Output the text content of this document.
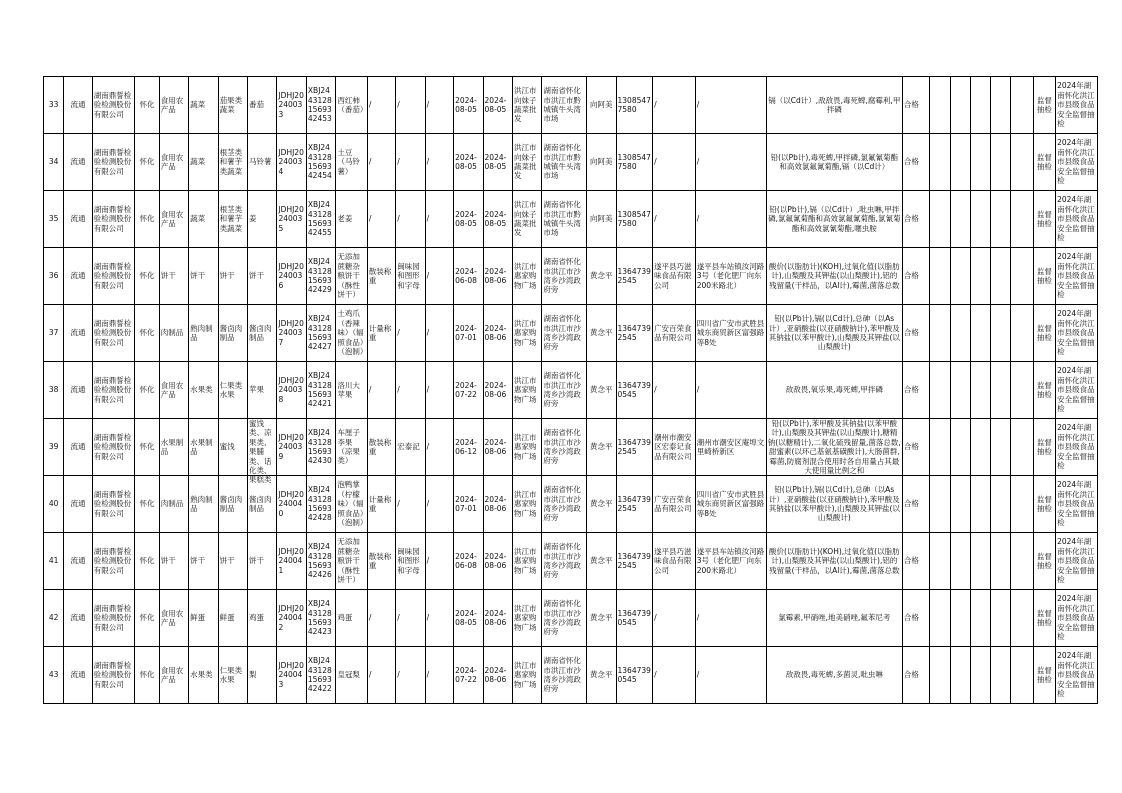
33	流通	湖南鼎誓检验检测股份有限公司	怀化	食用农产品	蔬菜	茄果类蔬菜	番茄	JDHJ20240033	XBJ24431281569342453	西红柿（番茄）	/	/	/	2024-08-05	2024-08-05	洪江市向妹子蔬菜批发	湖南省怀化市洪江市黔城镇牛头湾市场	向阿美	13085477580	/	/	镉（以Cd计）,敌敌畏,毒死蜱,腐霉利,甲拌磷	合格						监督抽检	2024年湖南怀化洪江市县级食品安全监督抽检

34	流通	湖南鼎誓检验检测股份有限公司	怀化	食用农产品	蔬菜	根茎类和薯芋类蔬菜	马铃薯	JDHJ20240034	XBJ24431281569342454	土豆（马铃薯）	/	/	/	2024-08-05	2024-08-05	洪江市向妹子蔬菜批发	湖南省怀化市洪江市黔城镇牛头湾市场	向阿美	13085477580	/	/	铅(以Pb计),毒死蜱,甲拌磷,氯氟氰菊酯和高效氯氟氰菊酯,镉（以Cd计）	合格						监督抽检	2024年湖南怀化洪江市县级食品安全监督抽检

35	流通	湖南鼎誓检验检测股份有限公司	怀化	食用农产品	蔬菜	根茎类和薯芋类蔬菜	姜	JDHJ20240035	XBJ24431281569342455	老姜	/	/	/	2024-08-05	2024-08-05	洪江市向妹子蔬菜批发	湖南省怀化市洪江市黔城镇牛头湾市场	向阿美	13085477580	/	/	铅(以Pb计),镉（以Cd计）,吡虫啉,甲拌磷,氯氟氰菊酯和高效氯氟氰菊酯,氯氰菊酯和高效氯氰菊酯,噻虫胺	合格						监督抽检	2024年湖南怀化洪江市县级食品安全监督抽检

36	流通	湖南鼎誓检验检测股份有限公司	怀化	饼干	饼干	饼干	饼干	JDHJ20240036	XBJ24431281569342429	无添加蔗糖杂粮饼干（酥性饼干）	散装称重	闽味园和图形和字母	/	2024-06-08	2024-08-06	洪江市惠家购物广场	湖南省怀化市洪江市沙湾乡沙湾政府旁	黄念平	13647392545	遂平县巧滋味食品有限公司	遂平县车站镇汝河路3号（老化肥厂向东200米路北）	酸价(以脂肪计)(KOH),过氧化值(以脂肪计),山梨酸及其钾盐(以山梨酸计),铝的残留量(干样品，以Al计),霉菌,菌落总数	合格						监督抽检	2024年湖南怀化洪江市县级食品安全监督抽检

37	流通	湖南鼎誓检验检测股份有限公司	怀化	肉制品	熟肉制品	酱卤肉制品	酱卤肉制品	JDHJ20240037	XBJ24431281569342427	土鸡爪（香辣味）（辐照食品）（泡制）	计量称重	/	/	2024-07-01	2024-08-06	洪江市惠家购物广场	湖南省怀化市洪江市沙湾乡沙湾政府旁	黄念平	13647392545	广安百荣食品有限公司	四川省广安市武胜县城东商贸新区富强路等8处	铅(以Pb计),镉(以Cd计),总砷（以As计）,亚硝酸盐(以亚硝酸钠计),苯甲酸及其钠盐(以苯甲酸计),山梨酸及其钾盐(以山梨酸计)	合格						监督抽检	2024年湖南怀化洪江市县级食品安全监督抽检

38	流通	湖南鼎誓检验检测股份有限公司	怀化	食用农产品	水果类	仁果类水果	苹果	JDHJ20240038	XBJ24431281569342421	洛川大苹果	/	/	/	2024-07-22	2024-08-06	洪江市惠家购物广场	湖南省怀化市洪江市沙湾乡沙湾政府旁	黄念平	13647390545	/	/	敌敌畏,氧乐果,毒死蜱,甲拌磷	合格						监督抽检	2024年湖南怀化洪江市县级食品安全监督抽检

39	流通	湖南鼎誓检验检测股份有限公司	怀化	水果制品	水果制品	蜜饯	蜜饯类、凉果类、果脯类、话化类、果糕类	JDHJ20240039	XBJ24431281569342430	车厘子李果（凉果类）	散装称重	宏泰記	/	2024-06-12	2024-08-06	洪江市惠家购物广场	湖南省怀化市洪江市沙湾乡沙湾政府旁	黄念平	13647392545	潮州市潮安区宏泰记食品有限公司	潮州市潮安区庵埠文里崎桥新区	铅(以Pb计),苯甲酸及其钠盐(以苯甲酸计),山梨酸及其钾盐(以山梨酸计),糖精钠(以糖精计),二氧化硫残留量,菌落总数,甜蜜素(以环己基氨基磺酸计),大肠菌群,霉菌,防腐剂混合使用时各自用量占其最大使用量比例之和	合格						监督抽检	2024年湖南怀化洪江市县级食品安全监督抽检

40	流通	湖南鼎誓检验检测股份有限公司	怀化	肉制品	熟肉制品	酱卤肉制品	酱卤肉制品	JDHJ20240040	XBJ24431281569342428	泡鸭掌（柠檬味）（辐照食品）（泡制）	计量称重	/	/	2024-07-01	2024-08-06	洪江市惠家购物广场	湖南省怀化市洪江市沙湾乡沙湾政府旁	黄念平	13647392545	广安百荣食品有限公司	四川省广安市武胜县城东商贸新区富强路等8处	铅(以Pb计),镉(以Cd计),总砷（以As计）,亚硝酸盐(以亚硝酸钠计),苯甲酸及其钠盐(以苯甲酸计),山梨酸及其钾盐(以山梨酸计)	合格						监督抽检	2024年湖南怀化洪江市县级食品安全监督抽检

41	流通	湖南鼎誓检验检测股份有限公司	怀化	饼干	饼干	饼干	饼干	JDHJ20240041	XBJ24431281569342426	无添加蔗糖杂粮饼干（酥性饼干）	散装称重	闽味园和图形和字母	/	2024-06-08	2024-08-06	洪江市惠家购物广场	湖南省怀化市洪江市沙湾乡沙湾政府旁	黄念平	13647392545	遂平县巧滋味食品有限公司	遂平县车站镇汝河路3号（老化肥厂向东200米路北）	酸价(以脂肪计)(KOH),过氧化值(以脂肪计),山梨酸及其钾盐(以山梨酸计),铝的残留量(干样品，以Al计),霉菌,菌落总数	合格						监督抽检	2024年湖南怀化洪江市县级食品安全监督抽检

42	流通	湖南鼎誓检验检测股份有限公司	怀化	食用农产品	鲜蛋	鲜蛋	鸡蛋	JDHJ20240042	XBJ24431281569342423	鸡蛋	/	/	/	2024-08-05	2024-08-06	洪江市惠家购物广场	湖南省怀化市洪江市沙湾乡沙湾政府旁	黄念平	13647390545	/	/	氯霉素,甲硝唑,地美硝唑,氟苯尼考	合格						监督抽检	2024年湖南怀化洪江市县级食品安全监督抽检

43	流通	湖南鼎誓检验检测股份有限公司	怀化	食用农产品	水果类	仁果类水果	梨	JDHJ20240043	XBJ24431281569342422	皇冠梨	/	/	/	2024-07-22	2024-08-06	洪江市惠家购物广场	湖南省怀化市洪江市沙湾乡沙湾政府旁	黄念平	13647390545	/	/	敌敌畏,毒死蜱,多菌灵,吡虫啉	合格						监督抽检	2024年湖南怀化洪江市县级食品安全监督抽检
